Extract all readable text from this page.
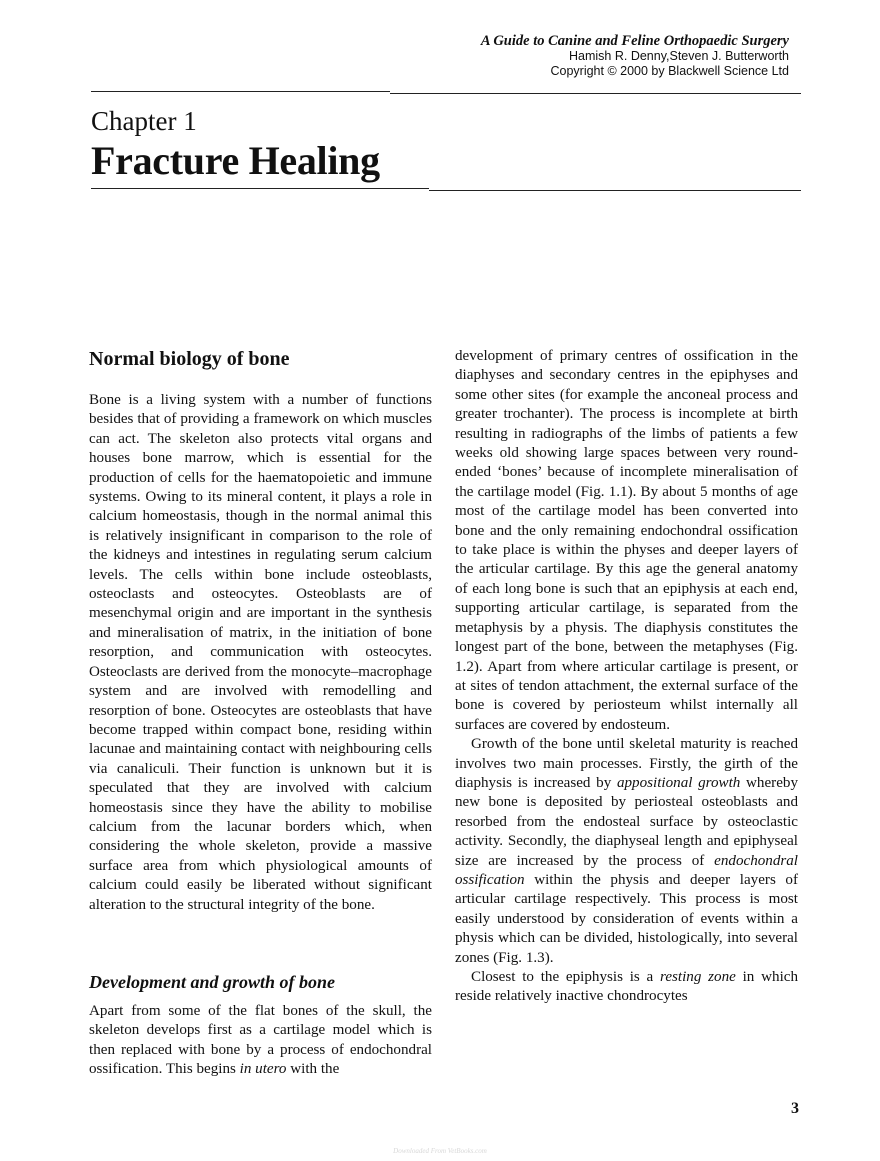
A Guide to Canine and Feline Orthopaedic Surgery
Hamish R. Denny,Steven J. Butterworth
Copyright © 2000 by Blackwell Science Ltd
Chapter 1
Fracture Healing
Normal biology of bone

Bone is a living system with a number of functions besides that of providing a framework on which muscles can act. The skeleton also protects vital organs and houses bone marrow, which is essential for the production of cells for the haematopoietic and immune systems. Owing to its mineral content, it plays a role in calcium homeostasis, though in the normal animal this is relatively insignificant in comparison to the role of the kidneys and intestines in regulating serum calcium levels. The cells within bone include osteoblasts, osteoclasts and osteocytes. Osteoblasts are of mesenchymal origin and are important in the synthesis and mineralisation of matrix, in the initiation of bone resorption, and communication with osteocytes. Osteoclasts are derived from the monocyte–macrophage system and are involved with remodelling and resorption of bone. Osteocytes are osteoblasts that have become trapped within compact bone, residing within lacunae and maintaining contact with neighbouring cells via canaliculi. Their function is unknown but it is speculated that they are involved with calcium homeostasis since they have the ability to mobilise calcium from the lacunar borders which, when considering the whole skeleton, provide a massive surface area from which physiological amounts of calcium could easily be liberated without significant alteration to the structural integrity of the bone.

Development and growth of bone

Apart from some of the flat bones of the skull, the skeleton develops first as a cartilage model which is then replaced with bone by a process of endochondral ossification. This begins in utero with the

development of primary centres of ossification in the diaphyses and secondary centres in the epiphyses and some other sites (for example the anconeal process and greater trochanter). The process is incomplete at birth resulting in radiographs of the limbs of patients a few weeks old showing large spaces between very round-ended ‘bones’ because of incomplete mineralisation of the cartilage model (Fig. 1.1). By about 5 months of age most of the cartilage model has been converted into bone and the only remaining endochondral ossification to take place is within the physes and deeper layers of the articular cartilage. By this age the general anatomy of each long bone is such that an epiphysis at each end, supporting articular cartilage, is separated from the metaphysis by a physis. The diaphysis constitutes the longest part of the bone, between the metaphyses (Fig. 1.2). Apart from where articular cartilage is present, or at sites of tendon attachment, the external surface of the bone is covered by periosteum whilst internally all surfaces are covered by endosteum.

Growth of the bone until skeletal maturity is reached involves two main processes. Firstly, the girth of the diaphysis is increased by appositional growth whereby new bone is deposited by periosteal osteoblasts and resorbed from the endosteal surface by osteoclastic activity. Secondly, the diaphyseal length and epiphyseal size are increased by the process of endochondral ossification within the physis and deeper layers of articular cartilage respectively. This process is most easily understood by consideration of events within a physis which can be divided, histologically, into several zones (Fig. 1.3).

Closest to the epiphysis is a resting zone in which reside relatively inactive chondrocytes

3
Downloaded From VetBooks.com
